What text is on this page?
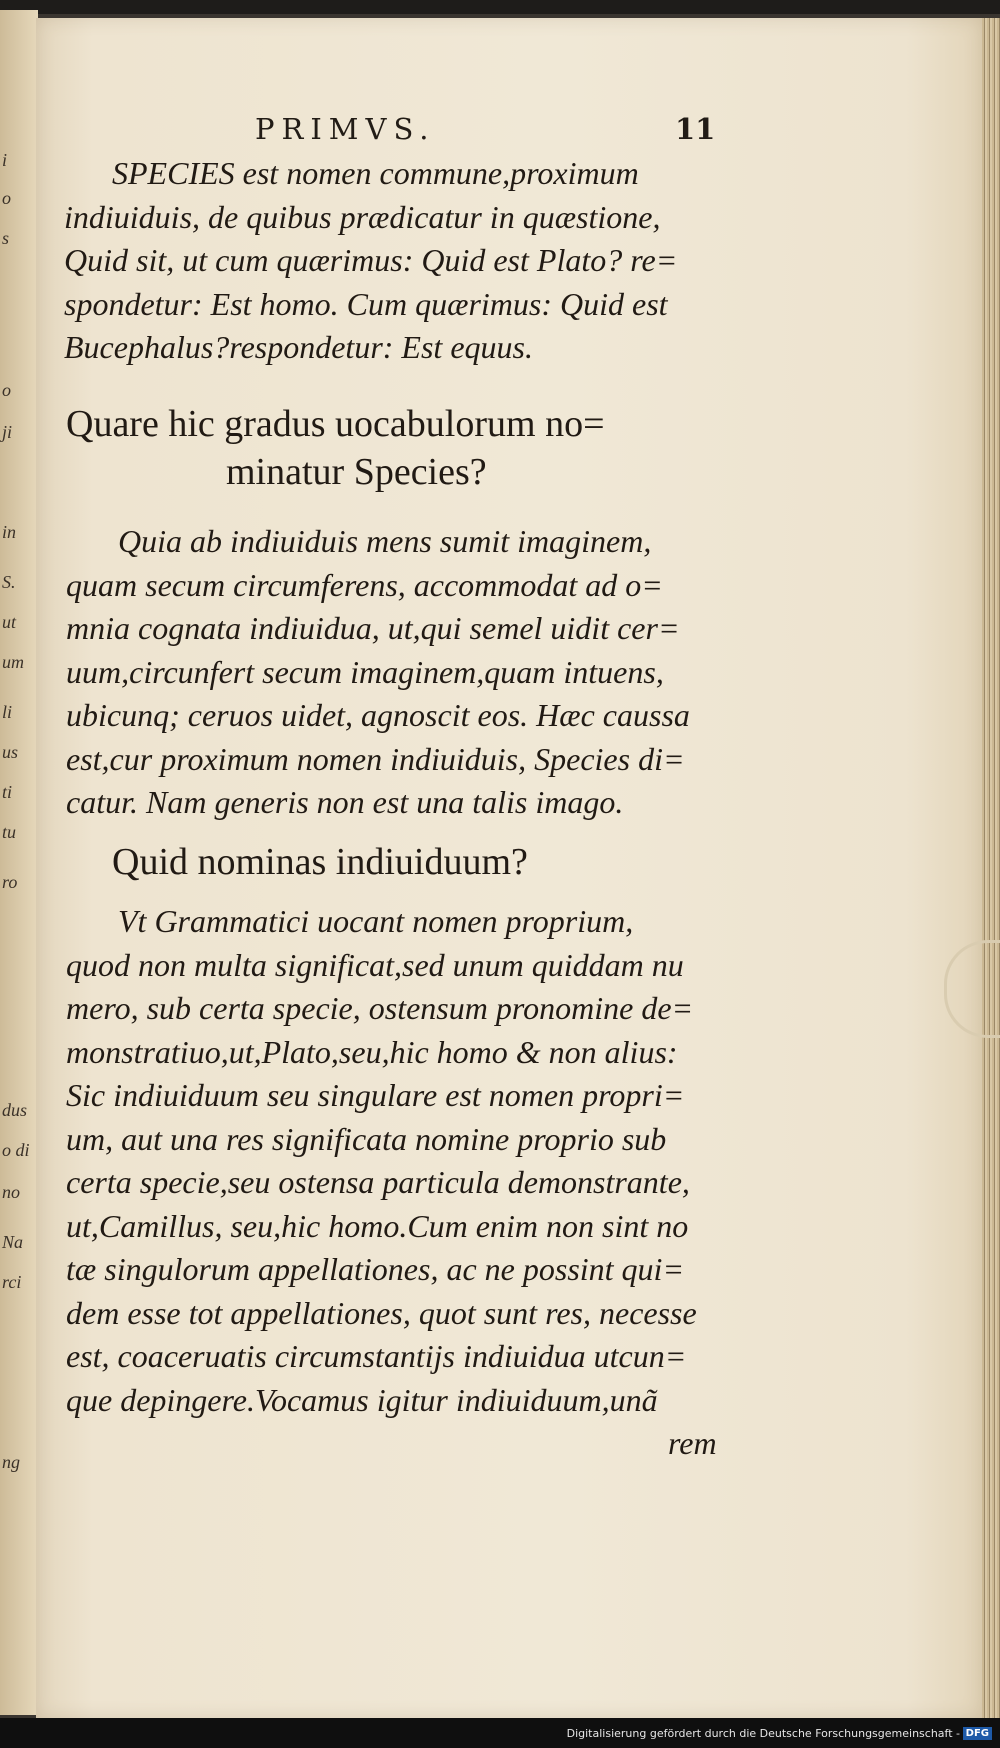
i
o
s
o
ji
in
S.
ut
um
li
us
ti
tu
ro
dus
o di
no
Na
rci
ng
PRIMVS.	11
SPECIES est nomen commune,proximum
indiuiduis, de quibus prædicatur in quæstione,
Quid sit, ut cum quærimus: Quid est Plato? re=
spondetur: Est homo. Cum quærimus: Quid est
Bucephalus?respondetur: Est equus.
Quare hic gradus uocabulorum no=
minatur Species?
Quia ab indiuiduis mens sumit imaginem,
quam secum circumferens, accommodat ad o=
mnia cognata indiuidua, ut,qui semel uidit cer=
uum,circunfert secum imaginem,quam intuens,
ubicunq; ceruos uidet, agnoscit eos. Hæc caussa
est,cur proximum nomen indiuiduis, Species di=
catur. Nam generis non est una talis imago.
Quid nominas indiuiduum?
Vt Grammatici uocant nomen proprium,
quod non multa significat,sed unum quiddam nu
mero, sub certa specie, ostensum pronomine de=
monstratiuo,ut,Plato,seu,hic homo & non alius:
Sic indiuiduum seu singulare est nomen propri=
um, aut una res significata nomine proprio sub
certa specie,seu ostensa particula demonstrante,
ut,Camillus, seu,hic homo.Cum enim non sint no
tæ singulorum appellationes, ac ne possint qui=
dem esse tot appellationes, quot sunt res, necesse
est, coaceruatis circumstantijs indiuidua utcun=
que depingere.Vocamus igitur indiuiduum,unã
rem
Digitalisierung gefördert durch die Deutsche Forschungsgemeinschaft - DFG
